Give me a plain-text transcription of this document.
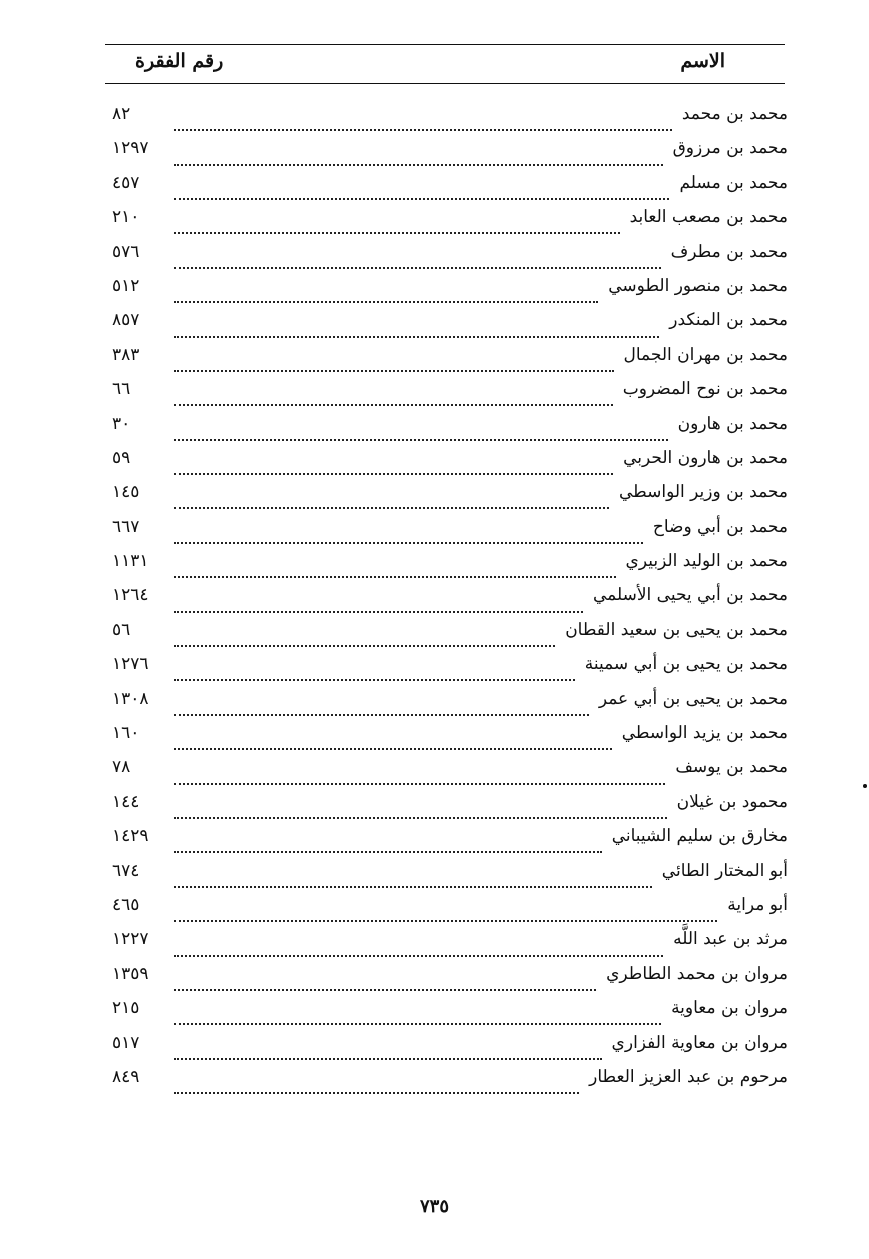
الاسم
رقم الفقرة
محمد بن محمد
٨٢
محمد بن مرزوق
١٢٩٧
محمد بن مسلم
٤٥٧
محمد بن مصعب العابد
٢١٠
محمد بن مطرف
٥٧٦
محمد بن منصور الطوسي
٥١٢
محمد بن المنكدر
٨٥٧
محمد بن مهران الجمال
٣٨٣
محمد بن نوح المضروب
٦٦
محمد بن هارون
٣٠
محمد بن هارون الحربي
٥٩
محمد بن وزير الواسطي
١٤٥
محمد بن أبي وضاح
٦٦٧
محمد بن الوليد الزبيري
١١٣١
محمد بن أبي يحيى الأسلمي
١٢٦٤
محمد بن يحيى بن سعيد القطان
٥٦
محمد بن يحيى بن أبي سمينة
١٢٧٦
محمد بن يحيى بن أبي عمر
١٣٠٨
محمد بن يزيد الواسطي
١٦٠
محمد بن يوسف
٧٨
محمود بن غيلان
١٤٤
مخارق بن سليم الشيباني
١٤٢٩
أبو المختار الطائي
٦٧٤
أبو مراية
٤٦٥
مرثد بن عبد اللَّه
١٢٢٧
مروان بن محمد الطاطري
١٣٥٩
مروان بن معاوية
٢١٥
مروان بن معاوية الفزاري
٥١٧
مرحوم بن عبد العزيز العطار
٨٤٩
٧٣٥
